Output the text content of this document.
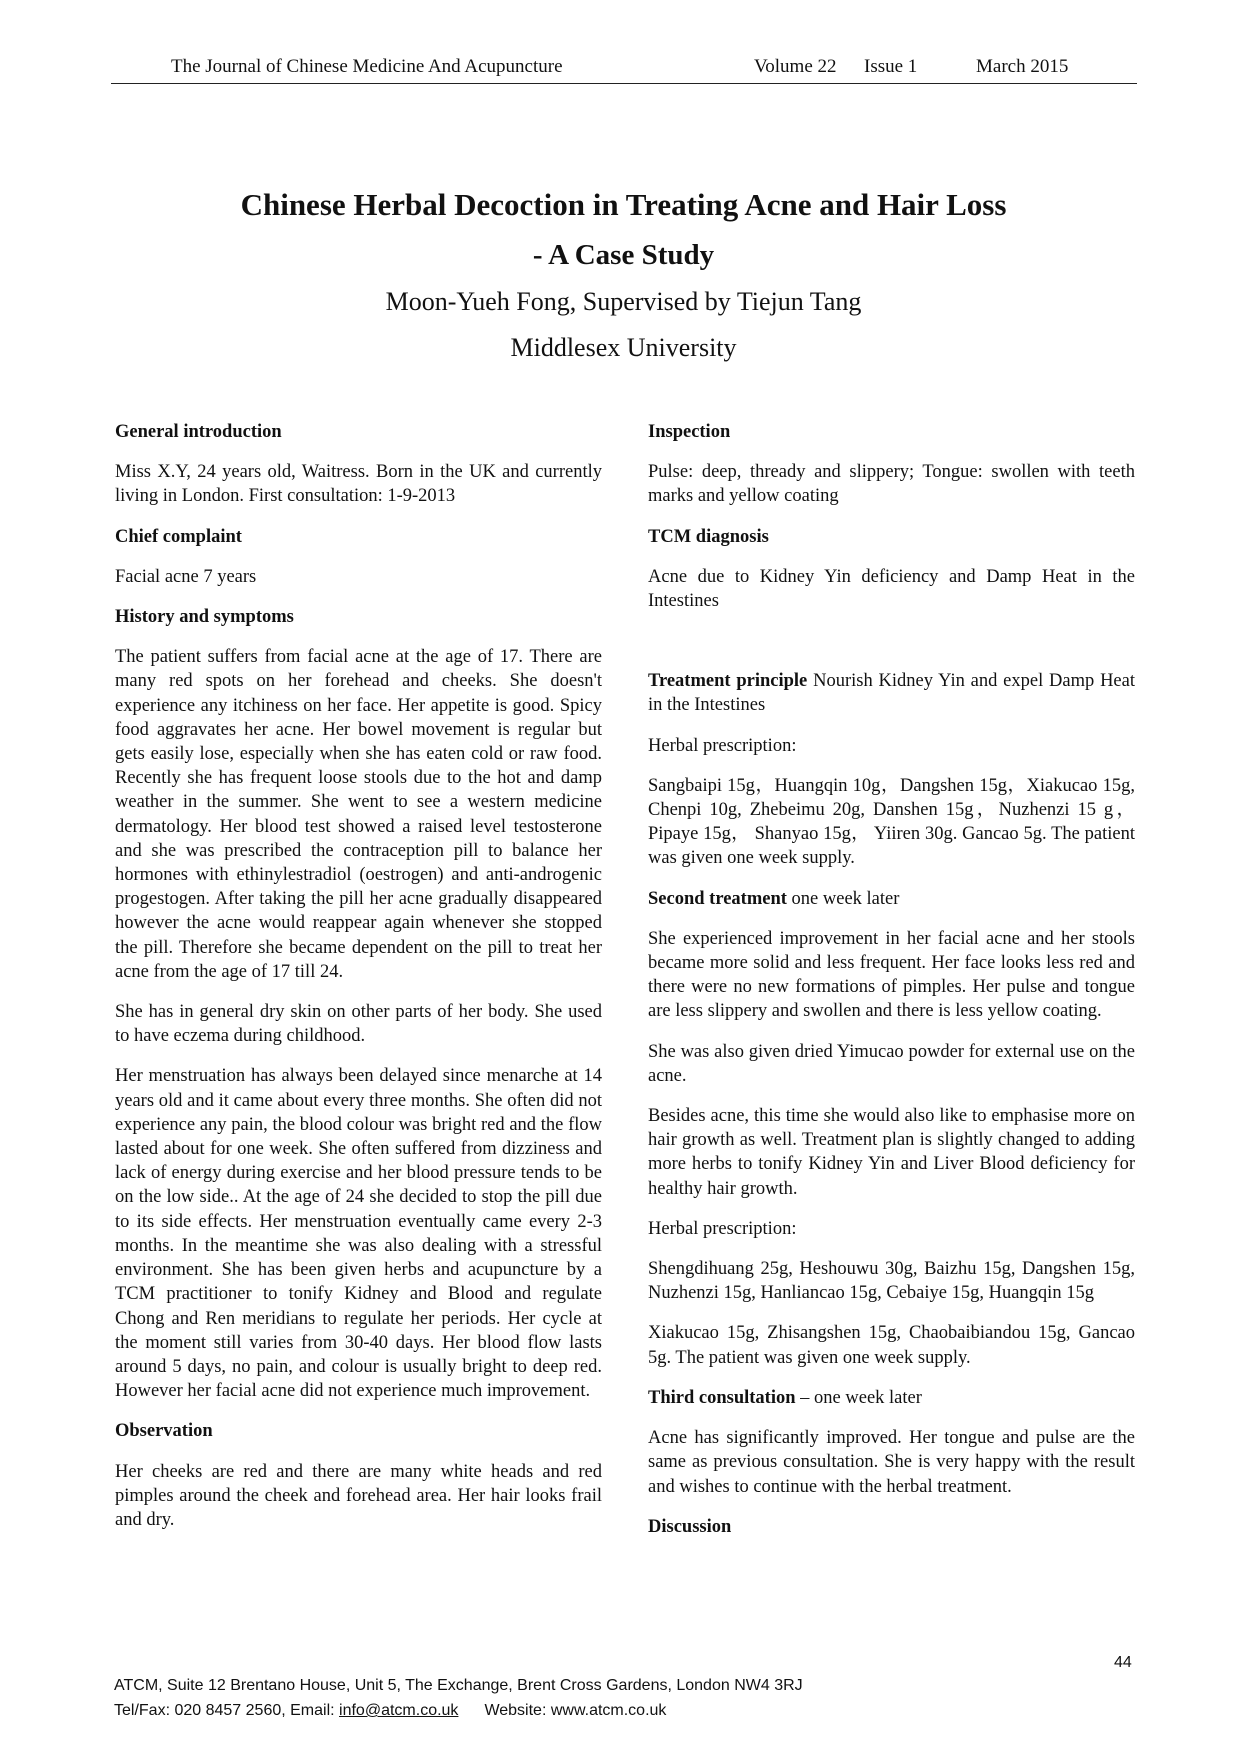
The Journal of Chinese Medicine And Acupuncture	Volume 22 Issue 1	March 2015
Chinese Herbal Decoction in Treating Acne and Hair Loss
- A Case Study
Moon-Yueh Fong, Supervised by Tiejun Tang
Middlesex University
General introduction

Miss X.Y, 24 years old, Waitress. Born in the UK and currently living in London. First consultation: 1-9-2013

Chief complaint

Facial acne 7 years

History and symptoms

The patient suffers from facial acne at the age of 17. There are many red spots on her forehead and cheeks. She doesn't experience any itchiness on her face. Her appetite is good. Spicy food aggravates her acne. Her bowel movement is regular but gets easily lose, especially when she has eaten cold or raw food. Recently she has frequent loose stools due to the hot and damp weather in the summer. She went to see a western medicine dermatology. Her blood test showed a raised level testosterone and she was prescribed the contraception pill to balance her hormones with ethinylestradiol (oestrogen) and anti-androgenic progestogen. After taking the pill her acne gradually disappeared however the acne would reappear again whenever she stopped the pill. Therefore she became dependent on the pill to treat her acne from the age of 17 till 24.

She has in general dry skin on other parts of her body. She used to have eczema during childhood.

Her menstruation has always been delayed since menarche at 14 years old and it came about every three months. She often did not experience any pain, the blood colour was bright red and the flow lasted about for one week. She often suffered from dizziness and lack of energy during exercise and her blood pressure tends to be on the low side.. At the age of 24 she decided to stop the pill due to its side effects. Her menstruation eventually came every 2-3 months. In the meantime she was also dealing with a stressful environment. She has been given herbs and acupuncture by a TCM practitioner to tonify Kidney and Blood and regulate Chong and Ren meridians to regulate her periods. Her cycle at the moment still varies from 30-40 days. Her blood flow lasts around 5 days, no pain, and colour is usually bright to deep red. However her facial acne did not experience much improvement.

Observation

Her cheeks are red and there are many white heads and red pimples around the cheek and forehead area. Her hair looks frail and dry.

Inspection

Pulse: deep, thready and slippery; Tongue: swollen with teeth marks and yellow coating

TCM diagnosis

Acne due to Kidney Yin deficiency and Damp Heat in the Intestines

Treatment principle Nourish Kidney Yin and expel Damp Heat in the Intestines

Herbal prescription:

Sangbaipi 15g，Huangqin 10g，Dangshen 15g，Xiakucao 15g, Chenpi 10g, Zhebeimu 20g, Danshen 15g，Nuzhenzi 15 g， Pipaye 15g， Shanyao 15g， Yiiren 30g. Gancao 5g. The patient was given one week supply.

Second treatment one week later

She experienced improvement in her facial acne and her stools became more solid and less frequent. Her face looks less red and there were no new formations of pimples. Her pulse and tongue are less slippery and swollen and there is less yellow coating.

She was also given dried Yimucao powder for external use on the acne.

Besides acne, this time she would also like to emphasise more on hair growth as well. Treatment plan is slightly changed to adding more herbs to tonify Kidney Yin and Liver Blood deficiency for healthy hair growth.

Herbal prescription:

Shengdihuang 25g, Heshouwu 30g, Baizhu 15g, Dangshen 15g, Nuzhenzi 15g, Hanliancao 15g, Cebaiye 15g, Huangqin 15g

Xiakucao 15g, Zhisangshen 15g, Chaobaibiandou 15g, Gancao 5g. The patient was given one week supply.

Third consultation – one week later

Acne has significantly improved. Her tongue and pulse are the same as previous consultation. She is very happy with the result and wishes to continue with the herbal treatment.

Discussion
44
ATCM, Suite 12 Brentano House, Unit 5, The Exchange, Brent Cross Gardens, London NW4 3RJ
Tel/Fax: 020 8457 2560, Email: info@atcm.co.uk Website: www.atcm.co.uk
